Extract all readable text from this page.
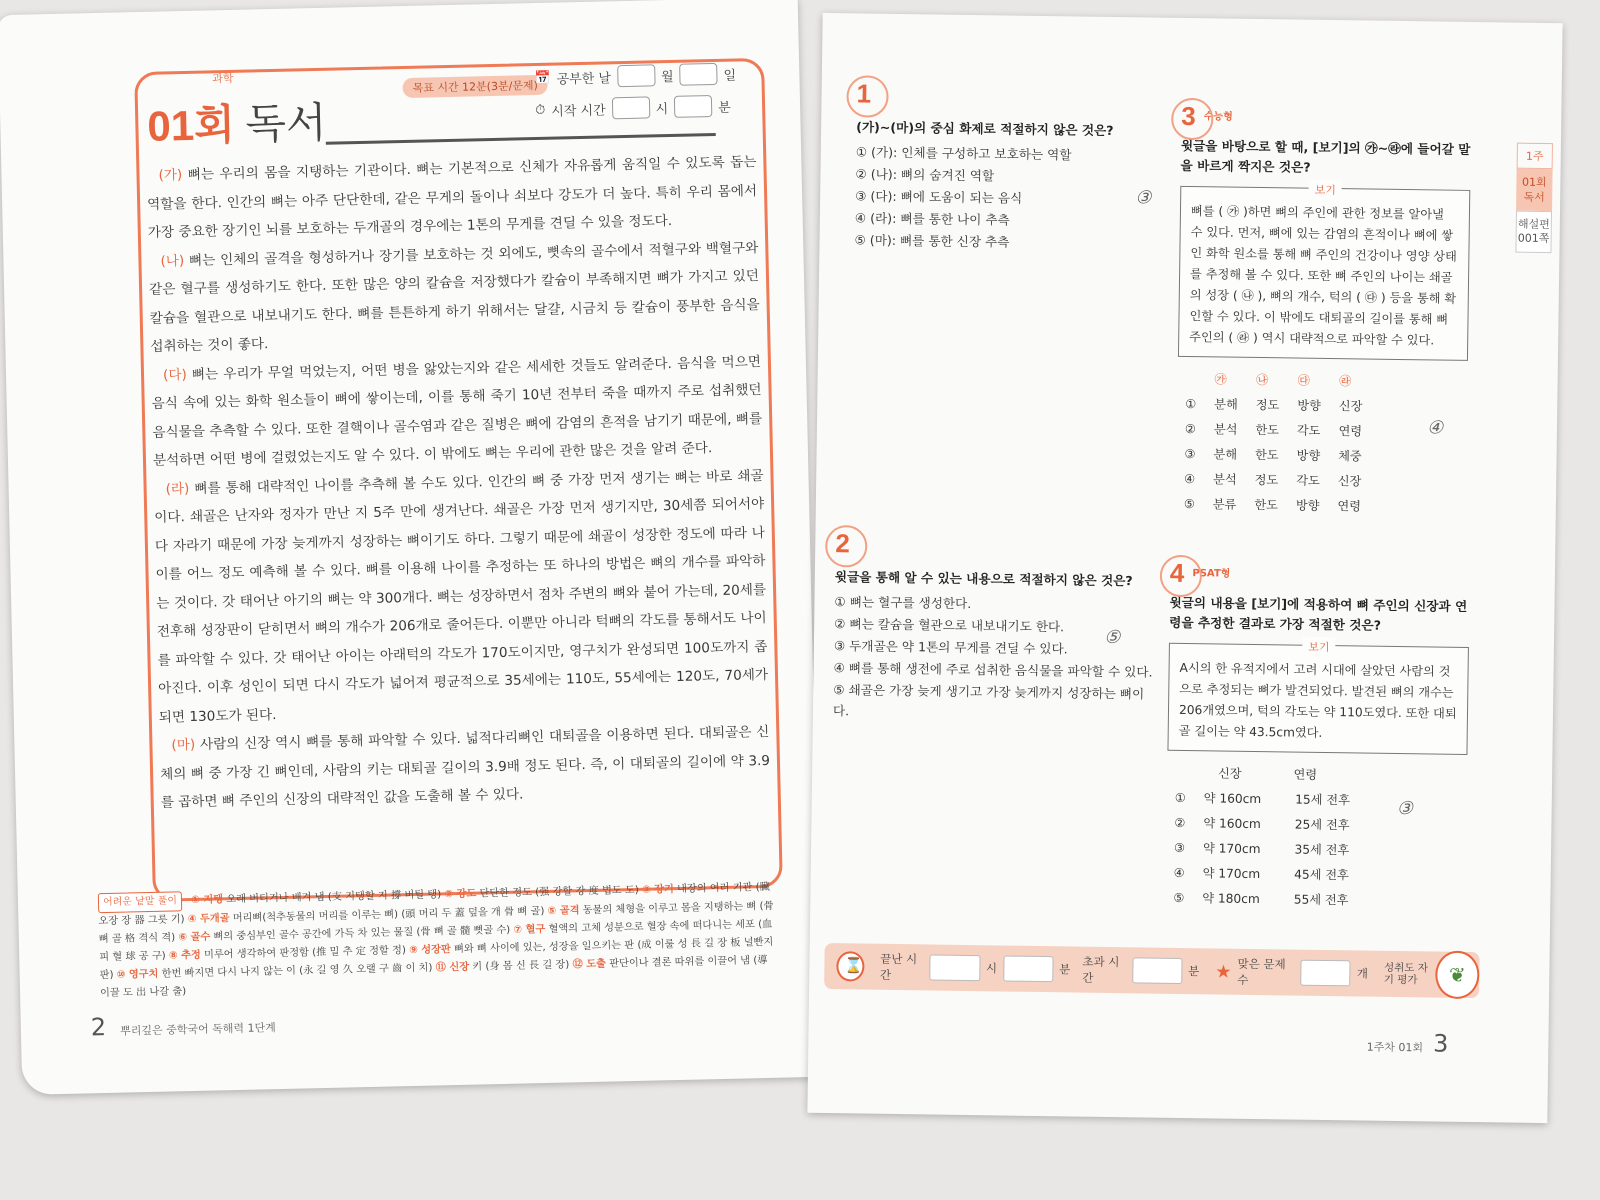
과학
01회 독서
목표 시간 12분(3분/문제)
📅 공부한 날	월	일
⏱ 시작 시간	시	분

(가) 뼈는 우리의 몸을 지탱하는 기관이다. 뼈는 기본적으로 신체가 자유롭게 움직일 수 있도록 돕는 역할을 한다. 인간의 뼈는 아주 단단한데, 같은 무게의 돌이나 쇠보다 강도가 더 높다. 특히 우리 몸에서 가장 중요한 장기인 뇌를 보호하는 두개골의 경우에는 1톤의 무게를 견딜 수 있을 정도다.

(나) 뼈는 인체의 골격을 형성하거나 장기를 보호하는 것 외에도, 뼛속의 골수에서 적혈구와 백혈구와 같은 혈구를 생성하기도 한다. 또한 많은 양의 칼슘을 저장했다가 칼슘이 부족해지면 뼈가 가지고 있던 칼슘을 혈관으로 내보내기도 한다. 뼈를 튼튼하게 하기 위해서는 달걀, 시금치 등 칼슘이 풍부한 음식을 섭취하는 것이 좋다.

(다) 뼈는 우리가 무얼 먹었는지, 어떤 병을 앓았는지와 같은 세세한 것들도 알려준다. 음식을 먹으면 음식 속에 있는 화학 원소들이 뼈에 쌓이는데, 이를 통해 죽기 10년 전부터 죽을 때까지 주로 섭취했던 음식물을 추측할 수 있다. 또한 결핵이나 골수염과 같은 질병은 뼈에 감염의 흔적을 남기기 때문에, 뼈를 분석하면 어떤 병에 걸렸었는지도 알 수 있다. 이 밖에도 뼈는 우리에 관한 많은 것을 알려 준다.

(라) 뼈를 통해 대략적인 나이를 추측해 볼 수도 있다. 인간의 뼈 중 가장 먼저 생기는 뼈는 바로 쇄골이다. 쇄골은 난자와 정자가 만난 지 5주 만에 생겨난다. 쇄골은 가장 먼저 생기지만, 30세쯤 되어서야 다 자라기 때문에 가장 늦게까지 성장하는 뼈이기도 하다. 그렇기 때문에 쇄골이 성장한 정도에 따라 나이를 어느 정도 예측해 볼 수 있다. 뼈를 이용해 나이를 추정하는 또 하나의 방법은 뼈의 개수를 파악하는 것이다. 갓 태어난 아기의 뼈는 약 300개다. 뼈는 성장하면서 점차 주변의 뼈와 붙어 가는데, 20세를 전후해 성장판이 닫히면서 뼈의 개수가 206개로 줄어든다. 이뿐만 아니라 턱뼈의 각도를 통해서도 나이를 파악할 수 있다. 갓 태어난 아이는 아래턱의 각도가 170도이지만, 영구치가 완성되면 100도까지 좁아진다. 이후 성인이 되면 다시 각도가 넓어져 평균적으로 35세에는 110도, 55세에는 120도, 70세가 되면 130도가 된다.

(마) 사람의 신장 역시 뼈를 통해 파악할 수 있다. 넓적다리뼈인 대퇴골을 이용하면 된다. 대퇴골은 신체의 뼈 중 가장 긴 뼈인데, 사람의 키는 대퇴골 길이의 3.9배 정도 된다. 즉, 이 대퇴골의 길이에 약 3.9를 곱하면 뼈 주인의 신장의 대략적인 값을 도출해 볼 수 있다.

어려운 낱말 풀이 ① 지탱 오래 버티거나 배겨 냄 (支 지탱할 지 撐 버틸 탱) ② 강도 단단한 정도 (强 강할 강 度 법도 도) ③ 장기 내장의 여러 기관 (臟 오장 장 器 그릇 기) ④ 두개골 머리뼈(척추동물의 머리를 이루는 뼈) (頭 머리 두 蓋 덮을 개 骨 뼈 골) ⑤ 골격 동물의 체형을 이루고 몸을 지탱하는 뼈 (骨 뼈 골 格 격식 격) ⑥ 골수 뼈의 중심부인 골수 공간에 가득 차 있는 물질 (骨 뼈 골 髓 뼛골 수) ⑦ 혈구 혈액의 고체 성분으로 혈장 속에 떠다니는 세포 (血 피 혈 球 공 구) ⑧ 추정 미루어 생각하여 판정함 (推 밀 추 定 정할 정) ⑨ 성장판 뼈와 뼈 사이에 있는, 성장을 일으키는 판 (成 이룰 성 長 길 장 板 널빤지 판) ⑩ 영구치 한번 빠지면 다시 나지 않는 이 (永 길 영 久 오랠 구 齒 이 치) ⑪ 신장 키 (身 몸 신 長 길 장) ⑫ 도출 판단이나 결론 따위를 이끌어 냄 (導 이끌 도 出 나갈 출)
2 뿌리깊은 중학국어 독해력 1단계
1
(가)~(마)의 중심 화제로 적절하지 않은 것은?
① (가): 인체를 구성하고 보호하는 역할
② (나): 뼈의 숨겨진 역할
③ (다): 뼈에 도움이 되는 음식
④ (라): 뼈를 통한 나이 추측
⑤ (마): 뼈를 통한 신장 추측
③
2
윗글을 통해 알 수 있는 내용으로 적절하지 않은 것은?
① 뼈는 혈구를 생성한다.
② 뼈는 칼슘을 혈관으로 내보내기도 한다.
③ 두개골은 약 1톤의 무게를 견딜 수 있다.
④ 뼈를 통해 생전에 주로 섭취한 음식물을 파악할 수 있다.
⑤ 쇄골은 가장 늦게 생기고 가장 늦게까지 성장하는 뼈이다.
⑤
3 수능형
윗글을 바탕으로 할 때, [보기]의 ㉮~㉱에 들어갈 말을 바르게 짝지은 것은?
보기
뼈를 ( ㉮ )하면 뼈의 주인에 관한 정보를 알아낼 수 있다. 먼저, 뼈에 있는 감염의 흔적이나 뼈에 쌓인 화학 원소를 통해 뼈 주인의 건강이나 영양 상태를 추정해 볼 수 있다. 또한 뼈 주인의 나이는 쇄골의 성장 ( ㉯ ), 뼈의 개수, 턱의 ( ㉰ ) 등을 통해 확인할 수 있다. 이 밖에도 대퇴골의 길이를 통해 뼈 주인의 ( ㉱ ) 역시 대략적으로 파악할 수 있다.
	㉮	㉯	㉰	㉱
①	분해	정도	방향	신장
②	분석	한도	각도	연령
③	분해	한도	방향	체중
④	분석	정도	각도	신장
⑤	분류	한도	방향	연령
④
4 PSAT형
윗글의 내용을 [보기]에 적용하여 뼈 주인의 신장과 연령을 추정한 결과로 가장 적절한 것은?
보기
A시의 한 유적지에서 고려 시대에 살았던 사람의 것으로 추정되는 뼈가 발견되었다. 발견된 뼈의 개수는 206개였으며, 턱의 각도는 약 110도였다. 또한 대퇴골 길이는 약 43.5cm였다.
	신장	연령
①	약 160cm	15세 전후
②	약 160cm	25세 전후
③	약 170cm	35세 전후
④	약 170cm	45세 전후
⑤	약 180cm	55세 전후
③
1주
01회 독서
해설편 001쪽
⌛
끝난 시간	시	분
초과 시간	분 ★ 맞은 문제 수	개 성취도 자기 평가	❦
1주차 01회 3
